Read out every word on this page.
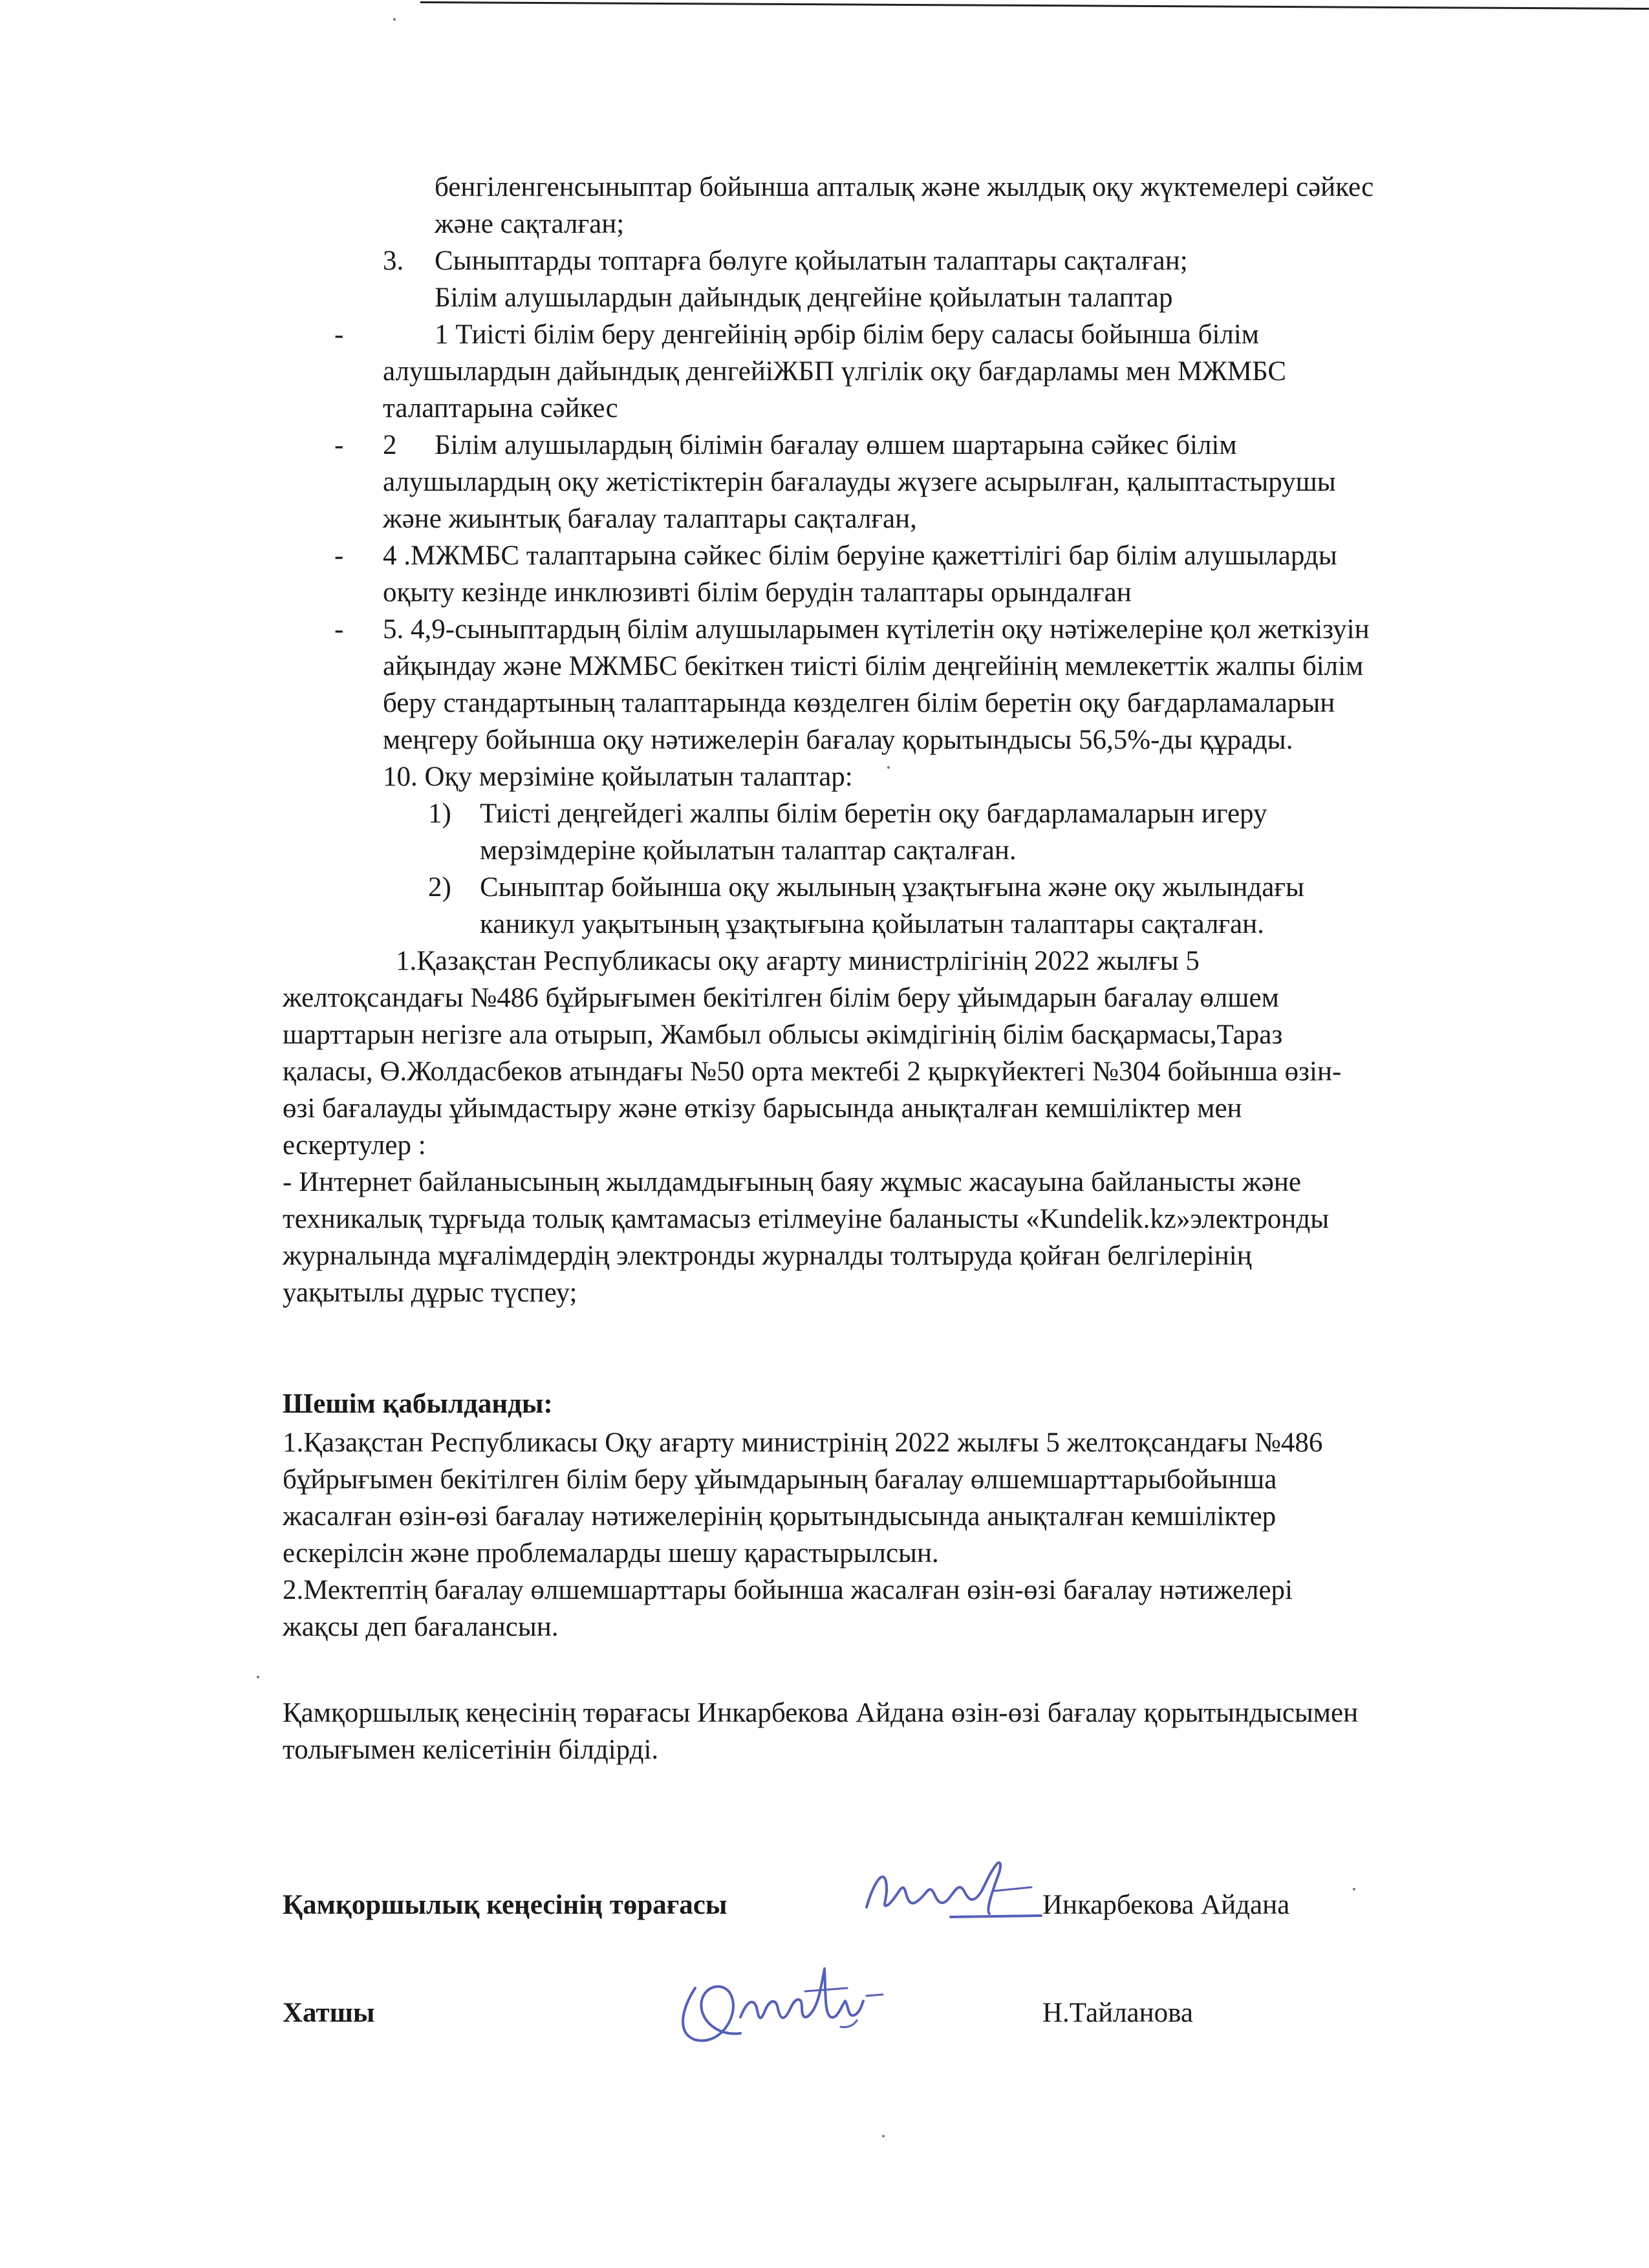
бенгіленгенсыныптар бойынша апталық және жылдық оқу жүктемелері сәйкес
және сақталған;
3. Сыныптарды топтарға бөлуге қойылатын талаптары сақталған;
Білім алушылардын дайындық деңгейіне қойылатын талаптар
-	1 Тиісті білім беру денгейінің әрбір білім беру саласы бойынша білім
алушылардын дайындық денгейіЖБП үлгілік оқу бағдарламы мен МЖМБС
талаптарына сәйкес
- 2 Білім алушылардың білімін бағалау өлшем шартарына сәйкес білім
алушылардың оқу жетістіктерін бағалауды жүзеге асырылған, қалыптастырушы
және жиынтық бағалау талаптары сақталған,
- 4 .МЖМБС талаптарына сәйкес білім беруіне қажеттілігі бар білім алушыларды
оқыту кезінде инклюзивті білім берудін талаптары орындалған
- 5. 4,9-сыныптардың білім алушыларымен күтілетін оқу нәтіжелеріне қол жеткізуін
айқындау және МЖМБС бекіткен тиісті білім деңгейінің мемлекеттік жалпы білім
беру стандартының талаптарында көзделген білім беретін оқу бағдарламаларын
меңгеру бойынша оқу нәтижелерін бағалау қорытындысы 56,5%-ды құрады.
10. Оқу мерзіміне қойылатын талаптар:
1) Тиісті деңгейдегі жалпы білім беретін оқу бағдарламаларын игеру
мерзімдеріне қойылатын талаптар сақталған.
2) Сыныптар бойынша оқу жылының ұзақтығына және оқу жылындағы
каникул уақытының ұзақтығына қойылатын талаптары сақталған.
1.Қазақстан Республикасы оқу ағарту министрлігінің 2022 жылғы 5
желтоқсандағы №486 бұйрығымен бекітілген білім беру ұйымдарын бағалау өлшем
шарттарын негізге ала отырып, Жамбыл облысы әкімдігінің білім басқармасы,Тараз
қаласы, Ө.Жолдасбеков атындағы №50 орта мектебі 2 қыркүйектегі №304 бойынша өзін-
өзі бағалауды ұйымдастыру және өткізу барысында анықталған кемшіліктер мен
ескертулер :
- Интернет байланысының жылдамдығының баяу жұмыс жасауына байланысты және
техникалық тұрғыда толық қамтамасыз етілмеуіне баланысты «Kundelik.kz»электронды
журналында мұғалімдердің электронды журналды толтыруда қойған белгілерінің
уақытылы дұрыс түспеу;
Шешім қабылданды:
1.Қазақстан Республикасы Оқу ағарту министрінің 2022 жылғы 5 желтоқсандағы №486
бұйрығымен бекітілген білім беру ұйымдарының бағалау өлшемшарттарыбойынша
жасалған өзін-өзі бағалау нәтижелерінің қорытындысында анықталған кемшіліктер
ескерілсін және проблемаларды шешу қарастырылсын.
2.Мектептің бағалау өлшемшарттары бойынша жасалған өзін-өзі бағалау нәтижелері
жақсы деп бағалансын.
Қамқоршылық кеңесінің төрағасы Инкарбекова Айдана өзін-өзі бағалау қорытындысымен
толығымен келісетінін білдірді.
Қамқоршылық кеңесінің төрағасы	Инкарбекова Айдана
Хатшы	Н.Тайланова
